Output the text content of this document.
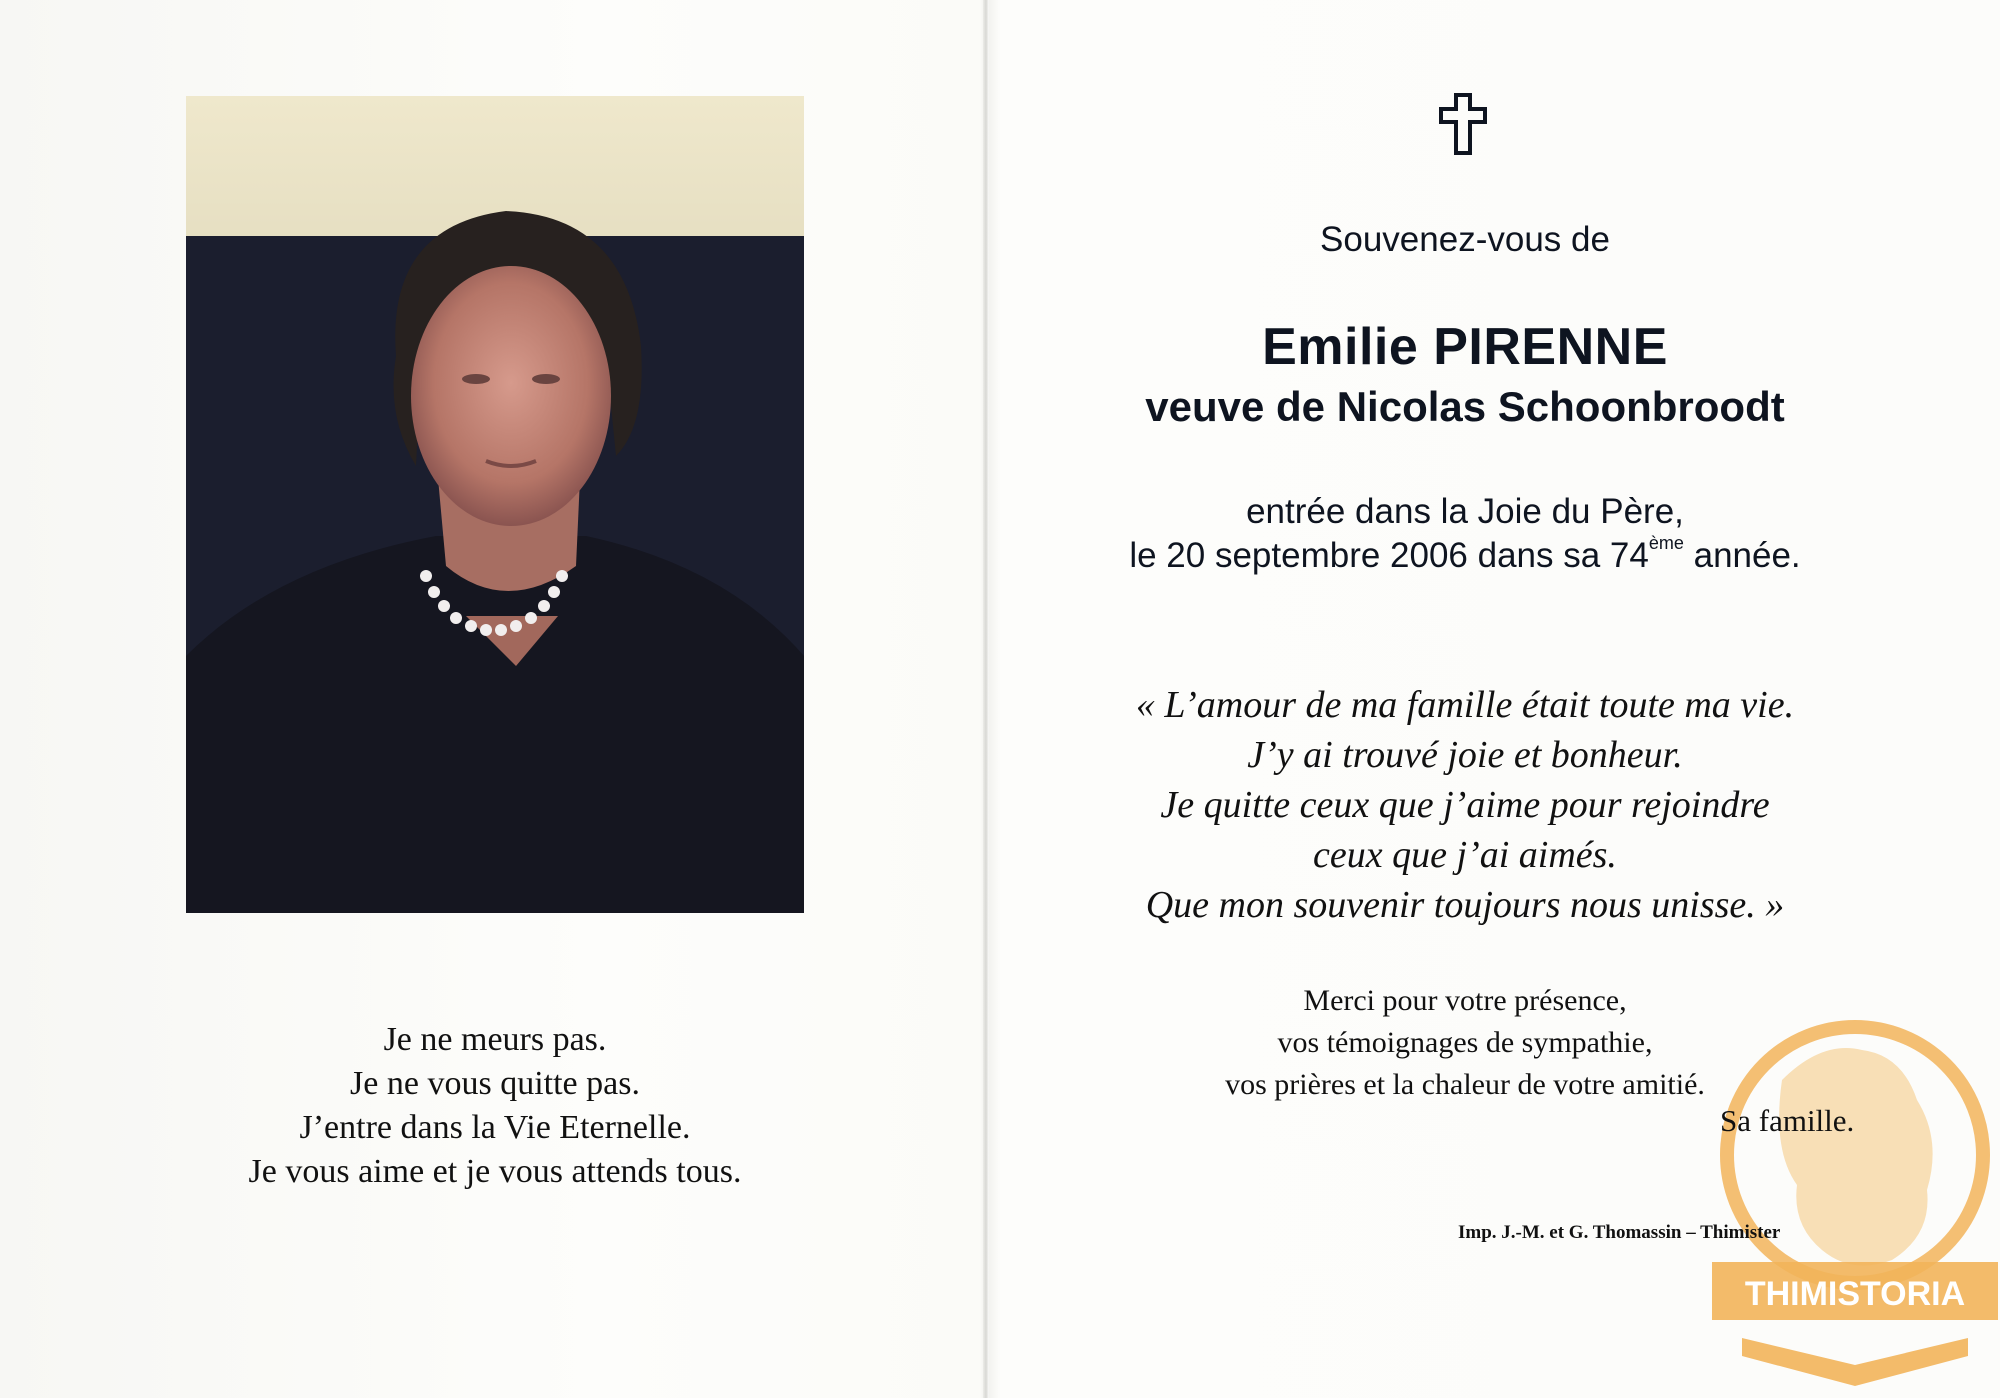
Je ne meurs pas.
Je ne vous quitte pas.
J’entre dans la Vie Eternelle.
Je vous aime et je vous attends tous.
Souvenez-vous de
Emilie PIRENNE
veuve de Nicolas Schoonbroodt
entrée dans la Joie du Père,
le 20 septembre 2006 dans sa 74ème année.
« L’amour de ma famille était toute ma vie.
J’y ai trouvé joie et bonheur.
Je quitte ceux que j’aime pour rejoindre
ceux que j’ai aimés.
Que mon souvenir toujours nous unisse. »
Merci pour votre présence,
vos témoignages de sympathie,
vos prières et la chaleur de votre amitié.
THIMISTORIA
Sa famille.
Imp. J.-M. et G. Thomassin – Thimister
